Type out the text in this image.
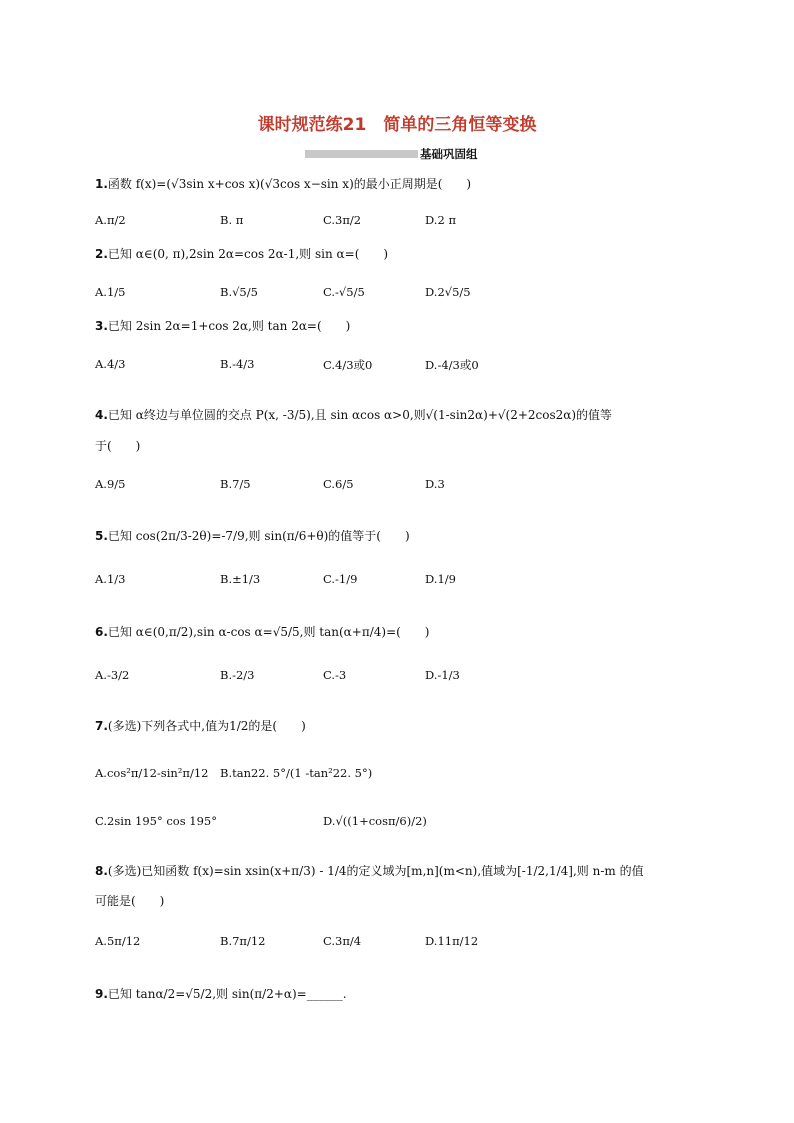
课时规范练21　简单的三角恒等变换
基础巩固组
1.函数 f(x)=(√3sin x+cos x)(√3cos x−sin x)的最小正周期是(　　)
A.π/2	B. π	C.3π/2	D.2 π
2.已知 α∈(0, π),2sin 2α=cos 2α-1,则 sin α=(　　)
A.1/5	B.√5/5	C.-√5/5	D.2√5/5
3.已知 2sin 2α=1+cos 2α,则 tan 2α=(　　)
A.4/3	B.-4/3	C.4/3或0	D.-4/3或0
4.已知 α终边与单位圆的交点 P(x, -3/5),且 sin αcos α>0,则√(1-sin2α)+√(2+2cos2α)的值等
于(　　)
A.9/5	B.7/5	C.6/5	D.3
5.已知 cos(2π/3-2θ)=-7/9,则 sin(π/6+θ)的值等于(　　)
A.1/3	B.±1/3	C.-1/9	D.1/9
6.已知 α∈(0,π/2),sin α-cos α=√5/5,则 tan(α+π/4)=(　　)
A.-3/2	B.-2/3	C.-3	D.-1/3
7.(多选)下列各式中,值为1/2的是(　　)
A.cos²π/12-sin²π/12 B.tan22. 5°/(1 -tan²22. 5°)
C.2sin 195° cos 195°	D.√((1+cosπ/6)/2)
8.(多选)已知函数 f(x)=sin xsin(x+π/3) - 1/4的定义域为[m,n](m<n),值域为[-1/2,1/4],则 n-m 的值
可能是(　　)
A.5π/12	B.7π/12	C.3π/4	D.11π/12
9.已知 tanα/2=√5/2,则 sin(π/2+α)=______.
